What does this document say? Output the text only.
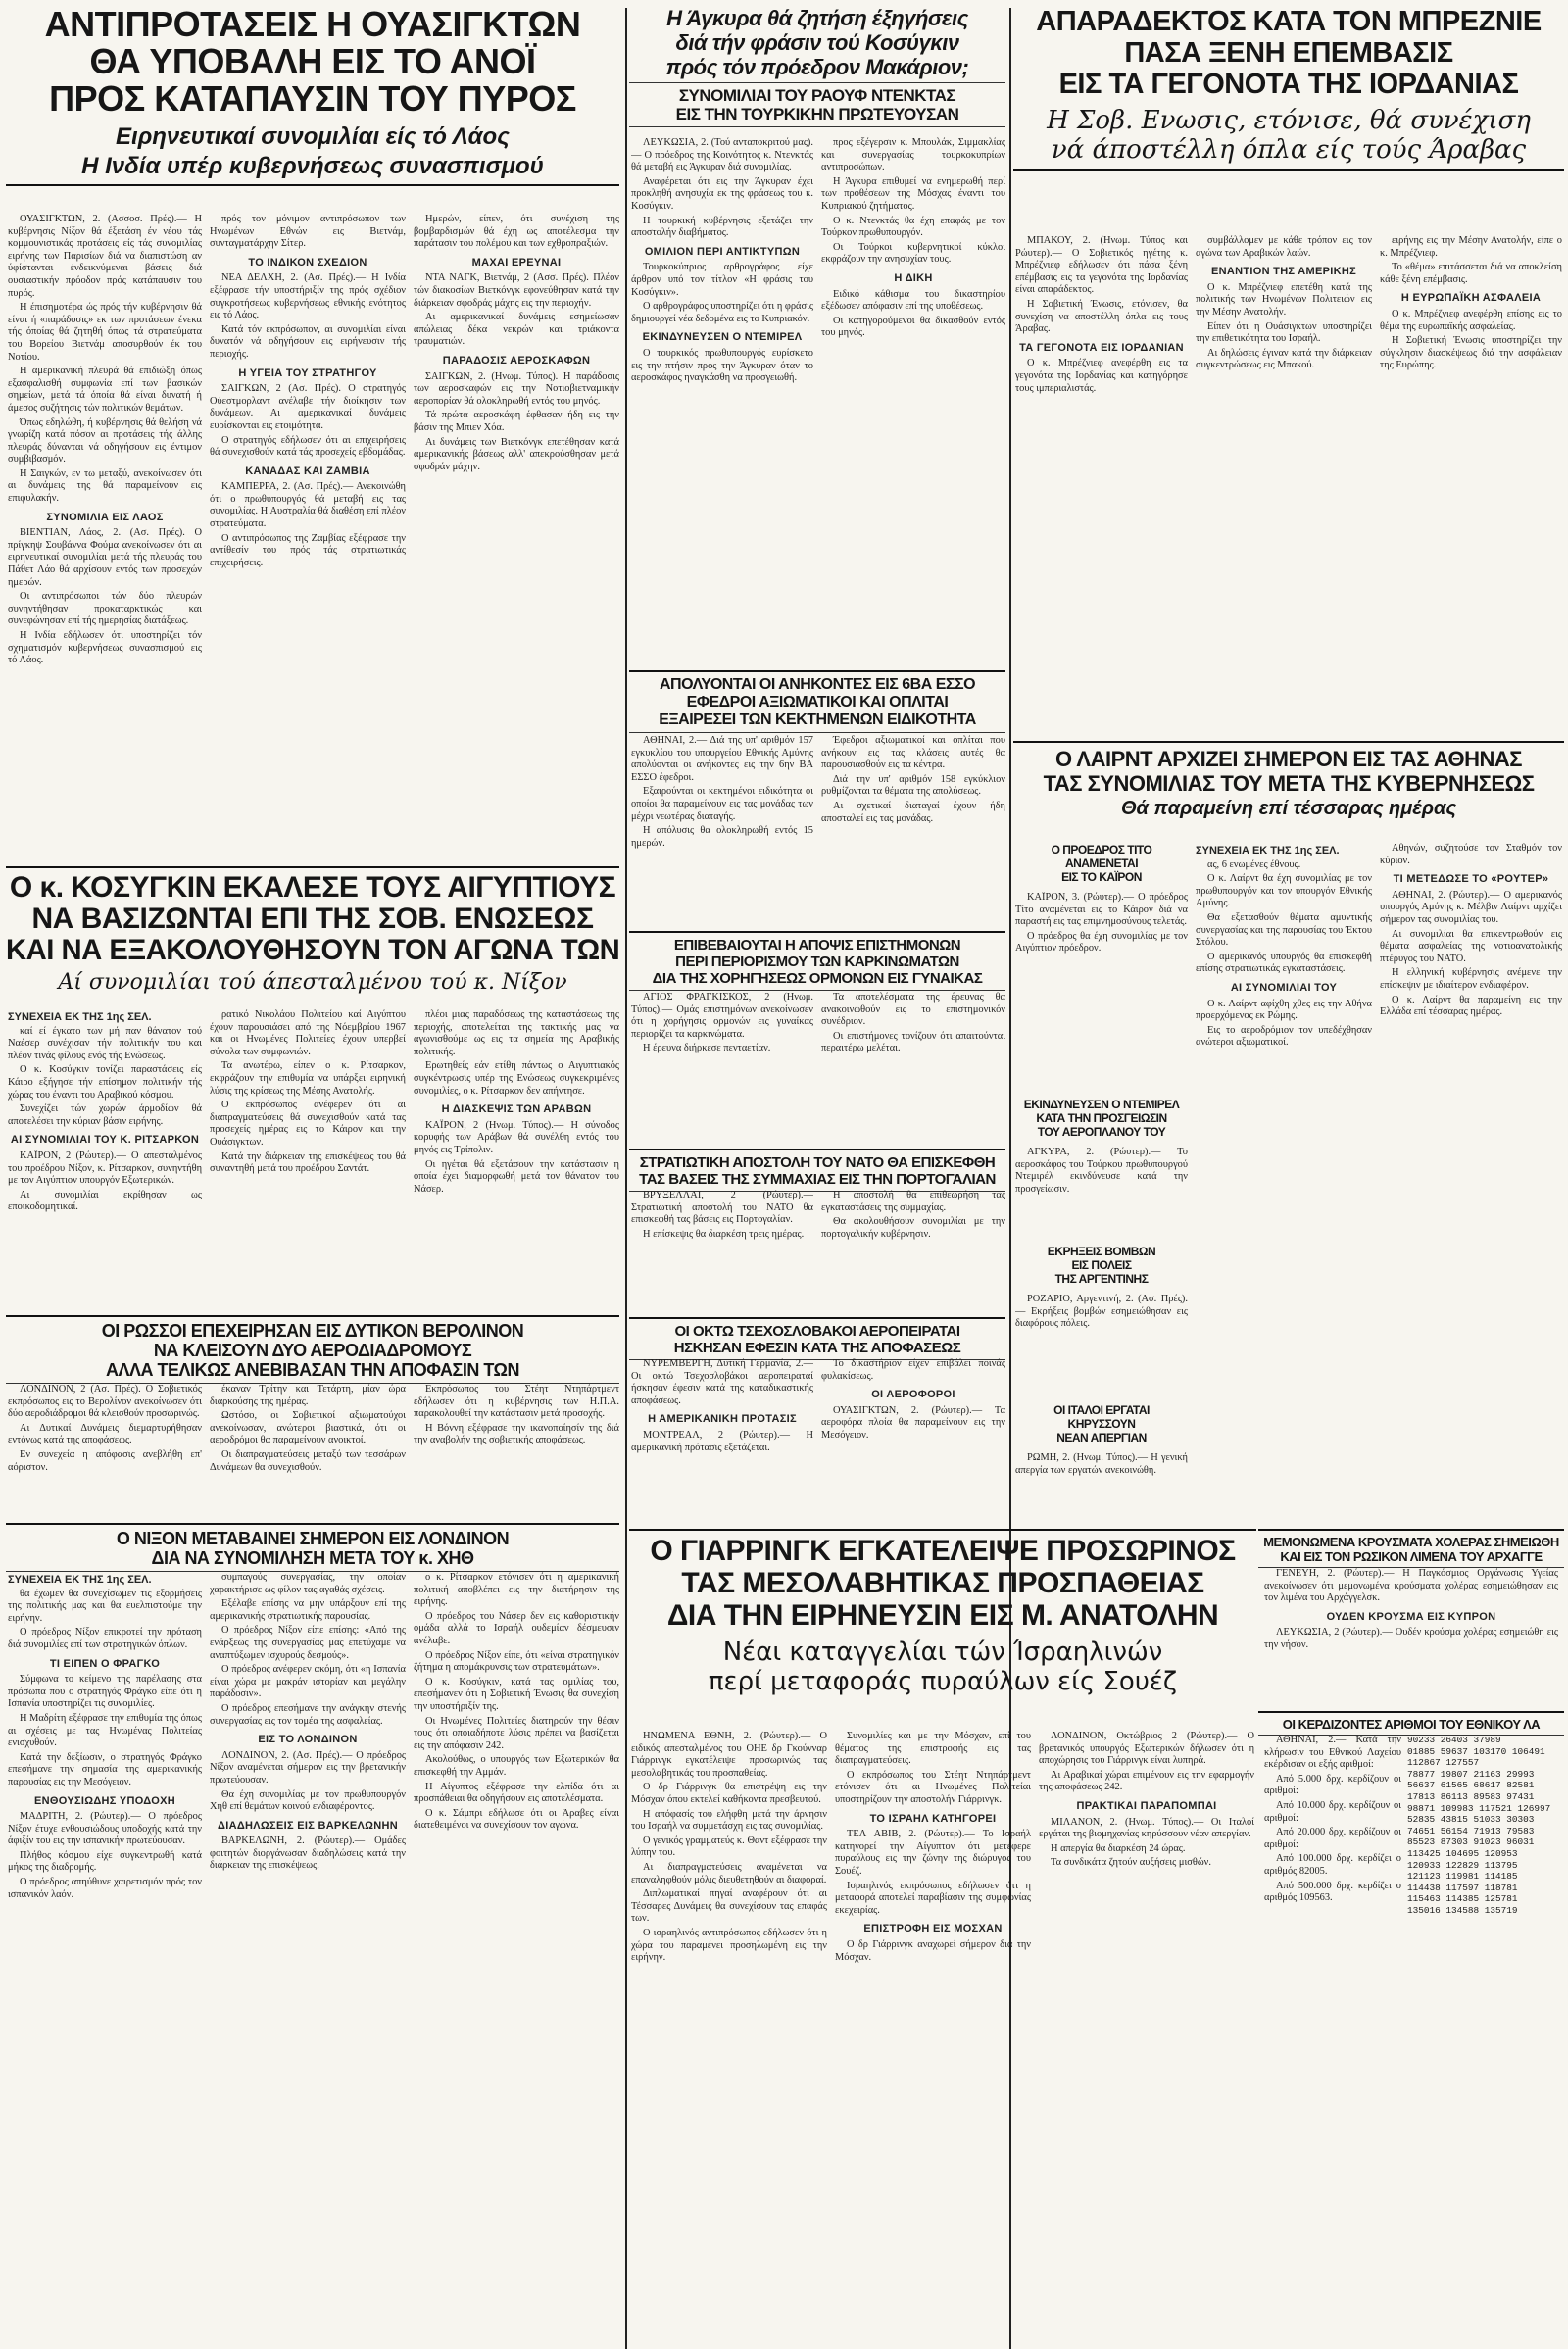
ΑΝΤΙΠΡΟΤΑΣΕΙΣ Η ΟΥΑΣΙΓΚΤΩΝ
ΘΑ ΥΠΟΒΑΛΗ ΕΙΣ ΤΟ ΑΝΟΪ
ΠΡΟΣ ΚΑΤΑΠΑΥΣΙΝ ΤΟΥ ΠΥΡΟΣ
Ειρηνευτικαί συνομιλίαι είς τό Λάος
Η Ινδία υπέρ κυβερνήσεως συνασπισμού

ΟΥΑΣΙΓΚΤΩΝ, 2. (Ασσοσ. Πρές).— Η κυβέρνησις Νίξον θά έξετάση έν νέου τάς κομμουνιστικάς προτάσεις είς τάς συνομιλίας ειρήνης των Παρισίων διά να διαπιστώση αν ύφίστανται ένδεικνύμεναι βάσεις διά ουσιαστικήν πρόοδον πρός κατάπαυσιν του πυρός.

Η έπισημοτέρα ώς πρός τήν κυβέρνησιν θά είναι ή «παράδοσις» εκ των προτάσεων ένεκα τής όποίας θά ζητηθή όπως τά στρατεύματα του Βορείου Βιετνάμ αποσυρθούν έκ του Νοτίου.

Η αμερικανική πλευρά θά επιδιώξη όπως εξασφαλισθή συμφωνία επί των βασικών σημείων, μετά τά όποία θά είναι δυνατή ή άμεσος συζήτησις τών πολιτικών θεμάτων.

Όπως εδηλώθη, ή κυβέρνησις θά θελήση νά γνωρίζη κατά πόσον αι προτάσεις τής άλλης πλευράς δύνανται νά οδηγήσουν εις έντιμον συμβιβασμόν.

Η Σαιγκών, εν τω μεταξύ, ανεκοίνωσεν ότι αι δυνάμεις της θά παραμείνουν εις επιφυλακήν.

ΣΥΝΟΜΙΛΙΑ ΕΙΣ ΛΑΟΣ

ΒΙΕΝΤΙΑΝ, Λάος, 2. (Ασ. Πρές). Ο πρίγκηψ Σουβάννα Φούμα ανεκοίνωσεν ότι αι ειρηνευτικαί συνομιλίαι μετά τής πλευράς του Πάθετ Λάο θά αρχίσουν εντός των προσεχών ημερών.

Οι αντιπρόσωποι τών δύο πλευρών συνηντήθησαν προκαταρκτικώς και συνεφώνησαν επί τής ημερησίας διατάξεως.

Η Ινδία εδήλωσεν ότι υποστηρίζει τόν σχηματισμόν κυβερνήσεως συνασπισμού εις τό Λάος.

πρός τον μόνιμον αντιπρόσωπον των Ηνωμένων Εθνών εις Βιετνάμ, συνταγματάρχην Σίτερ.

ΤΟ ΙΝΔΙΚΟΝ ΣΧΕΔΙΟΝ

ΝΕΑ ΔΕΛΧΗ, 2. (Ασ. Πρές).— Η Ινδία εξέφρασε τήν υποστήριξίν της πρός σχέδιον συγκροτήσεως κυβερνήσεως εθνικής ενότητος εις τό Λάος.

Κατά τόν εκπρόσωπον, αι συνομιλίαι είναι δυνατόν νά οδηγήσουν εις ειρήνευσιν τής περιοχής.

Η ΥΓΕΙΑ ΤΟΥ ΣΤΡΑΤΗΓΟΥ

ΣΑΙΓΚΩΝ, 2 (Ασ. Πρές). Ο στρατηγός Ούεστμορλαντ ανέλαβε τήν διοίκησιν των δυνάμεων. Αι αμερικανικαί δυνάμεις ευρίσκονται εις ετοιμότητα.

Ο στρατηγός εδήλωσεν ότι αι επιχειρήσεις θά συνεχισθούν κατά τάς προσεχείς εβδομάδας.

ΚΑΝΑΔΑΣ ΚΑΙ ΖΑΜΒΙΑ

ΚΑΜΠΕΡΡΑ, 2. (Ασ. Πρές).— Ανεκοινώθη ότι ο πρωθυπουργός θά μεταβή εις τας συνομιλίας. Η Αυστραλία θά διαθέση επί πλέον στρατεύματα.

Ο αντιπρόσωπος της Ζαμβίας εξέφρασε την αντίθεσίν του πρός τάς στρατιωτικάς επιχειρήσεις.

Ημερών, είπεν, ότι συνέχιση της βομβαρδισμών θά έχη ως αποτέλεσμα την παράτασιν του πολέμου και των εχθροπραξιών.

ΜΑΧΑΙ ΕΡΕΥΝΑΙ

ΝΤΑ ΝΑΓΚ, Βιετνάμ, 2 (Ασσ. Πρές). Πλέον τών διακοσίων Βιετκόνγκ εφονεύθησαν κατά την διάρκειαν σφοδράς μάχης εις την περιοχήν.

Αι αμερικανικαί δυνάμεις εσημείωσαν απώλειας δέκα νεκρών και τριάκοντα τραυματιών.

ΠΑΡΑΔΟΣΙΣ ΑΕΡΟΣΚΑΦΩΝ

ΣΑΙΓΚΩΝ, 2. (Ηνωμ. Τύπος). Η παράδοσις των αεροσκαφών εις την Νοτιοβιετναμικήν αεροπορίαν θά ολοκληρωθή εντός του μηνός.

Τά πρώτα αεροσκάφη έφθασαν ήδη εις την βάσιν της Μπιεν Χόα.

Αι δυνάμεις των Βιετκόνγκ επετέθησαν κατά αμερικανικής βάσεως αλλ' απεκρούσθησαν μετά σφοδράν μάχην.

Ο κ. ΚΟΣΥΓΚΙΝ ΕΚΑΛΕΣΕ ΤΟΥΣ ΑΙΓΥΠΤΙΟΥΣ
ΝΑ ΒΑΣΙΖΩΝΤΑΙ ΕΠΙ ΤΗΣ ΣΟΒ. ΕΝΩΣΕΩΣ
ΚΑΙ ΝΑ ΕΞΑΚΟΛΟΥΘΗΣΟΥΝ ΤΟΝ ΑΓΩΝΑ ΤΩΝ
Αί συνομιλίαι τού άπεσταλμένου τού κ. Νίξον
ΣΥΝΕΧΕΙΑ ΕΚ ΤΗΣ 1ης ΣΕΛ.

καί εί έγκατο των μή παν θάνατον τού Ναέσερ συνέχισαν τήν πολιτικήν του και πλέον τινάς φίλους ενός τής Ενώσεως.

Ο κ. Κοσύγκιν τονίζει παραστάσεις είς Κάιρο εξήγησε τήν επίσημον πολιτικήν τής χώρας του έναντι του Αραβικού κόσμου.

Συνεχίζει τών χωρών άρμοδίων θά αποτελέσει την κύριαν βάσιν ειρήνης.

ΑΙ ΣΥΝΟΜΙΛΙΑΙ ΤΟΥ Κ. ΡΙΤΣΑΡΚΟΝ

ΚΑΪΡΟΝ, 2 (Ρώυτερ).— Ο απεσταλμένος του προέδρου Νίξον, κ. Ρίτσαρκον, συνηντήθη με τον Αιγύπτιον υπουργόν Εξωτερικών.

Αι συνομιλίαι εκρίθησαν ως εποικοδομητικαί.

ρατικό Νικολάου Πολιτείου καί Αιγύπτου έχουν παρουσιάσει από της Νόεμβρίου 1967 και οι Ηνωμένες Πολιτείες έχουν υπερβεί σύνολα των συμφωνιών.

Τα ανωτέρω, είπεν ο κ. Ρίτσαρκον, εκφράζουν την επιθυμία να υπάρξει ειρηνική λύσις της κρίσεως της Μέσης Ανατολής.

Ο εκπρόσωπος ανέφερεν ότι αι διαπραγματεύσεις θά συνεχισθούν κατά τας προσεχείς ημέρας εις το Κάιρον και την Ουάσιγκτων.

Κατά την διάρκειαν της επισκέψεως του θά συναντηθή μετά του προέδρου Σαντάτ.

πλέοι μιας παραδόσεως της καταστάσεως της περιοχής, αποτελείται της τακτικής μας να αγωνισθούμε ως εις τα σημεία της Αραβικής πολιτικής.

Ερωτηθείς εάν ετίθη πάντως ο Αιγυπτιακός συγκέντρωσις υπέρ της Ενώσεως συγκεκριμένες συνομιλίες, ο κ. Ρίτσαρκον δεν απήντησε.

Η ΔΙΑΣΚΕΨΙΣ ΤΩΝ ΑΡΑΒΩΝ

ΚΑΪΡΟΝ, 2 (Ηνωμ. Τύπος).— Η σύνοδος κορυφής των Αράβων θά συνέλθη εντός του μηνός εις Τρίπολιν.

Οι ηγέται θά εξετάσουν την κατάστασιν η οποία έχει διαμορφωθή μετά τον θάνατον του Νάσερ.

ΟΙ ΡΩΣΣΟΙ ΕΠΕΧΕΙΡΗΣΑΝ ΕΙΣ ΔΥΤΙΚΟΝ ΒΕΡΟΛΙΝΟΝ
ΝΑ ΚΛΕΙΣΟΥΝ ΔΥΟ ΑΕΡΟΔΙΑΔΡΟΜΟΥΣ
ΑΛΛΑ ΤΕΛΙΚΩΣ ΑΝΕΒΙΒΑΣΑΝ ΤΗΝ ΑΠΟΦΑΣΙΝ ΤΩΝ

ΛΟΝΔΙΝΟΝ, 2 (Ασ. Πρές). Ο Σοβιετικός εκπρόσωπος εις το Βερολίνον ανεκοίνωσεν ότι δύο αεροδιάδρομοι θά κλεισθούν προσωρινώς.

Αι Δυτικαί Δυνάμεις διεμαρτυρήθησαν εντόνως κατά της αποφάσεως.

Εν συνεχεία η απόφασις ανεβλήθη επ' αόριστον.

έκαναν Τρίτην και Τετάρτη, μίαν ώρα διαρκούσης της ημέρας.

Ωστόσο, οι Σοβιετικοί αξιωματούχοι ανεκοίνωσαν, ανώτεροι βιαστικά, ότι οι αεροδρόμοι θα παραμείνουν ανοικτοί.

Οι διαπραγματεύσεις μεταξύ των τεσσάρων Δυνάμεων θα συνεχισθούν.

Εκπρόσωπος του Στέητ Ντηπάρτμεντ εδήλωσεν ότι η κυβέρνησις των Η.Π.Α. παρακολουθεί την κατάστασιν μετά προσοχής.

Η Βόννη εξέφρασε την ικανοποίησίν της διά την αναβολήν της σοβιετικής αποφάσεως.

Ο ΝΙΞΟΝ ΜΕΤΑΒΑΙΝΕΙ ΣΗΜΕΡΟΝ ΕΙΣ ΛΟΝΔΙΝΟΝ
ΔΙΑ ΝΑ ΣΥΝΟΜΙΛΗΣΗ ΜΕΤΑ ΤΟΥ κ. ΧΗΘ
ΣΥΝΕΧΕΙΑ ΕΚ ΤΗΣ 1ης ΣΕΛ.

θα έχωμεν θα συνεχίσωμεν τις εξορμήσεις της πολιτικής μας και θα ευελπιστούμε την ειρήνην.

Ο πρόεδρος Νίξον επικροτεί την πρόταση διά συνομιλίες επί των στρατηγικών όπλων.

ΤΙ ΕΙΠΕΝ Ο ΦΡΑΓΚΟ

Σύμφωνα το κείμενο της παρέλασης στα πρόσωπα που ο στρατηγός Φράγκο είπε ότι η Ισπανία υποστηρίζει τις συνομιλίες.

Η Μαδρίτη εξέφρασε την επιθυμία της όπως αι σχέσεις με τας Ηνωμένας Πολιτείας ενισχυθούν.

Κατά την δεξίωσιν, ο στρατηγός Φράγκο επεσήμανε την σημασία της αμερικανικής παρουσίας εις την Μεσόγειον.

ΕΝΘΟΥΣΙΩΔΗΣ ΥΠΟΔΟΧΗ

ΜΑΔΡΙΤΗ, 2. (Ρώυτερ).— Ο πρόεδρος Νίξον έτυχε ενθουσιώδους υποδοχής κατά την άφιξίν του εις την ισπανικήν πρωτεύουσαν.

Πλήθος κόσμου είχε συγκεντρωθή κατά μήκος της διαδρομής.

Ο πρόεδρος απηύθυνε χαιρετισμόν πρός τον ισπανικόν λαόν.

συμπαγούς συνεργασίας, την οποίαν χαρακτήρισε ως φίλον τας αγαθάς σχέσεις.

Εξέλαβε επίσης να μην υπάρξουν επί της αμερικανικής στρατιωτικής παρουσίας.

Ο πρόεδρος Νίξον είπε επίσης: «Από της ενάρξεως της συνεργασίας μας επετύχαμε να αναπτύξωμεν ισχυρούς δεσμούς».

Ο πρόεδρος ανέφερεν ακόμη, ότι «η Ισπανία είναι χώρα με μακράν ιστορίαν και μεγάλην παράδοσιν».

Ο πρόεδρος επεσήμανε την ανάγκην στενής συνεργασίας εις τον τομέα της ασφαλείας.

ΕΙΣ ΤΟ ΛΟΝΔΙΝΟΝ

ΛΟΝΔΙΝΟΝ, 2. (Ασ. Πρές).— Ο πρόεδρος Νίξον αναμένεται σήμερον εις την βρετανικήν πρωτεύουσαν.

Θα έχη συνομιλίας με τον πρωθυπουργόν Χηθ επί θεμάτων κοινού ενδιαφέροντος.

ΔΙΑΔΗΛΩΣΕΙΣ ΕΙΣ ΒΑΡΚΕΛΩΝΗΝ

ΒΑΡΚΕΛΩΝΗ, 2. (Ρώυτερ).— Ομάδες φοιτητών διοργάνωσαν διαδηλώσεις κατά την διάρκειαν της επισκέψεως.

ο κ. Ρίτσαρκον ετόνισεν ότι η αμερικανική πολιτική αποβλέπει εις την διατήρησιν της ειρήνης.

Ο πρόεδρος του Νάσερ δεν εις καθοριστικήν ομάδα αλλά το Ισραήλ ουδεμίαν δέσμευσιν ανέλαβε.

Ο πρόεδρος Νίξον είπε, ότι «είναι στρατηγικόν ζήτημα η απομάκρυνσις των στρατευμάτων».

Ο κ. Κοσύγκιν, κατά τας ομιλίας του, επεσήμανεν ότι η Σοβιετική Ένωσις θα συνεχίση την υποστήριξίν της.

Οι Ηνωμένες Πολιτείες διατηρούν την θέσιν τους ότι οποιαδήποτε λύσις πρέπει να βασίζεται εις την απόφασιν 242.

Ακολούθως, ο υπουργός των Εξωτερικών θα επισκεφθή την Αμμάν.

Η Αίγυπτος εξέφρασε την ελπίδα ότι αι προσπάθειαι θα οδηγήσουν εις αποτελέσματα.

Ο κ. Σάμπρι εδήλωσε ότι οι Άραβες είναι διατεθειμένοι να συνεχίσουν τον αγώνα.

Η Άγκυρα θά ζητήση έξηγήσεις
διά τήν φράσιν τού Κοσύγκιν
πρός τόν πρόεδρον Μακάριον;
ΣΥΝΟΜΙΛΙΑΙ ΤΟΥ ΡΑΟΥΦ ΝΤΕΝΚΤΑΣ
ΕΙΣ ΤΗΝ ΤΟΥΡΚΙΚΗΝ ΠΡΩΤΕΥΟΥΣΑΝ

ΛΕΥΚΩΣΙΑ, 2. (Τού ανταποκριτού μας).— Ο πρόεδρος της Κοινότητος κ. Ντενκτάς θά μεταβή εις Άγκυραν διά συνομιλίας.

Αναφέρεται ότι εις την Άγκυραν έχει προκληθή ανησυχία εκ της φράσεως του κ. Κοσύγκιν.

Η τουρκική κυβέρνησις εξετάζει την αποστολήν διαβήματος.

ΟΜΙΛΙΟΝ ΠΕΡΙ ΑΝΤΙΚΤΥΠΩΝ

Τουρκοκύπριος αρθρογράφος είχε άρθρον υπό τον τίτλον «Η φράσις του Κοσύγκιν».

Ο αρθρογράφος υποστηρίζει ότι η φράσις δημιουργεί νέα δεδομένα εις το Κυπριακόν.

ΕΚΙΝΔΥΝΕΥΣΕΝ Ο ΝΤΕΜΙΡΕΛ

Ο τουρκικός πρωθυπουργός ευρίσκετο εις την πτήσιν προς την Άγκυραν όταν το αεροσκάφος ηναγκάσθη να προσγειωθή.

προς εξέγερσιν κ. Μπουλάκ, Σιμμακλίας και συνεργασίας τουρκοκυπρίων αντιπροσώπων.

Η Άγκυρα επιθυμεί να ενημερωθή περί των προθέσεων της Μόσχας έναντι του Κυπριακού ζητήματος.

Ο κ. Ντενκτάς θα έχη επαφάς με τον Τούρκον πρωθυπουργόν.

Οι Τούρκοι κυβερνητικοί κύκλοι εκφράζουν την ανησυχίαν τους.

Η ΔΙΚΗ

Ειδικό κάθισμα του δικαστηρίου εξέδωσεν απόφασιν επί της υποθέσεως.

Οι κατηγορούμενοι θα δικασθούν εντός του μηνός.

ΑΠΟΛΥΟΝΤΑΙ ΟΙ ΑΝΗΚΟΝΤΕΣ ΕΙΣ 6ΒΑ ΕΣΣΟ
ΕΦΕΔΡΟΙ ΑΞΙΩΜΑΤΙΚΟΙ ΚΑΙ ΟΠΛΙΤΑΙ
ΕΞΑΙΡΕΣΕΙ ΤΩΝ ΚΕΚΤΗΜΕΝΩΝ ΕΙΔΙΚΟΤΗΤΑ

ΑΘΗΝΑΙ, 2.— Διά της υπ' αριθμόν 157 εγκυκλίου του υπουργείου Εθνικής Αμύνης απολύονται οι ανήκοντες εις την 6ην ΒΑ ΕΣΣΟ έφεδροι.

Εξαιρούνται οι κεκτημένοι ειδικότητα οι οποίοι θα παραμείνουν εις τας μονάδας των μέχρι νεωτέρας διαταγής.

Η απόλυσις θα ολοκληρωθή εντός 15 ημερών.

Έφεδροι αξιωματικοί και οπλίται που ανήκουν εις τας κλάσεις αυτές θα παρουσιασθούν εις τα κέντρα.

Διά την υπ' αριθμόν 158 εγκύκλιον ρυθμίζονται τα θέματα της απολύσεως.

Αι σχετικαί διαταγαί έχουν ήδη αποσταλεί εις τας μονάδας.

ΕΠΙΒΕΒΑΙΟΥΤΑΙ Η ΑΠΟΨΙΣ ΕΠΙΣΤΗΜΟΝΩΝ
ΠΕΡΙ ΠΕΡΙΟΡΙΣΜΟΥ ΤΩΝ ΚΑΡΚΙΝΩΜΑΤΩΝ
ΔΙΑ ΤΗΣ ΧΟΡΗΓΗΣΕΩΣ ΟΡΜΟΝΩΝ ΕΙΣ ΓΥΝΑΙΚΑΣ

ΑΓΙΟΣ ΦΡΑΓΚΙΣΚΟΣ, 2 (Ηνωμ. Τύπος).— Ομάς επιστημόνων ανεκοίνωσεν ότι η χορήγησις ορμονών εις γυναίκας περιορίζει τα καρκινώματα.

Η έρευνα διήρκεσε πενταετίαν.

Τα αποτελέσματα της έρευνας θα ανακοινωθούν εις το επιστημονικόν συνέδριον.

Οι επιστήμονες τονίζουν ότι απαιτούνται περαιτέρω μελέται.

ΣΤΡΑΤΙΩΤΙΚΗ ΑΠΟΣΤΟΛΗ ΤΟΥ ΝΑΤΟ ΘΑ ΕΠΙΣΚΕΦΘΗ
ΤΑΣ ΒΑΣΕΙΣ ΤΗΣ ΣΥΜΜΑΧΙΑΣ ΕΙΣ ΤΗΝ ΠΟΡΤΟΓΑΛΙΑΝ

ΒΡΥΞΕΛΛΑΙ, 2 (Ρώυτερ).— Στρατιωτική αποστολή του ΝΑΤΟ θα επισκεφθή τας βάσεις εις Πορτογαλίαν.

Η επίσκεψις θα διαρκέση τρεις ημέρας.

Η αποστολή θα επιθεωρήση τας εγκαταστάσεις της συμμαχίας.

Θα ακολουθήσουν συνομιλίαι με την πορτογαλικήν κυβέρνησιν.

ΟΙ ΟΚΤΩ ΤΣΕΧΟΣΛΟΒΑΚΟΙ ΑΕΡΟΠΕΙΡΑΤΑΙ
ΗΣΚΗΣΑΝ ΕΦΕΣΙΝ ΚΑΤΑ ΤΗΣ ΑΠΟΦΑΣΕΩΣ

ΝΥΡΕΜΒΕΡΓΗ, Δυτική Γερμανία, 2.— Οι οκτώ Τσεχοσλοβάκοι αεροπειραταί ήσκησαν έφεσιν κατά της καταδικαστικής αποφάσεως.

Η ΑΜΕΡΙΚΑΝΙΚΗ ΠΡΟΤΑΣΙΣ

ΜΟΝΤΡΕΑΛ, 2 (Ρώυτερ).— Η αμερικανική πρότασις εξετάζεται.

Το δικαστήριον είχεν επιβάλει ποινάς φυλακίσεως.

ΟΙ ΑΕΡΟΦΟΡΟΙ

ΟΥΑΣΙΓΚΤΩΝ, 2. (Ρώυτερ).— Τα αεροφόρα πλοία θα παραμείνουν εις την Μεσόγειον.

Ο ΓΙΑΡΡΙΝΓΚ ΕΓΚΑΤΕΛΕΙΨΕ ΠΡΟΣΩΡΙΝΟΣ
ΤΑΣ ΜΕΣΟΛΑΒΗΤΙΚΑΣ ΠΡΟΣΠΑΘΕΙΑΣ
ΔΙΑ ΤΗΝ ΕΙΡΗΝΕΥΣΙΝ ΕΙΣ Μ. ΑΝΑΤΟΛΗΝ
Νέαι καταγγελίαι τών Ίσραηλινών
περί μεταφοράς πυραύλων είς Σουέζ

ΗΝΩΜΕΝΑ ΕΘΝΗ, 2. (Ρώυτερ).— Ο ειδικός απεσταλμένος του ΟΗΕ δρ Γκούνναρ Γιάρρινγκ εγκατέλειψε προσωρινώς τας μεσολαβητικάς του προσπαθείας.

Ο δρ Γιάρρινγκ θα επιστρέψη εις την Μόσχαν όπου εκτελεί καθήκοντα πρεσβευτού.

Η απόφασίς του ελήφθη μετά την άρνησιν του Ισραήλ να συμμετάσχη εις τας συνομιλίας.

Ο γενικός γραμματεύς κ. Θαντ εξέφρασε την λύπην του.

Αι διαπραγματεύσεις αναμένεται να επαναληφθούν μόλις διευθετηθούν αι διαφοραί.

Διπλωματικαί πηγαί αναφέρουν ότι αι Τέσσαρες Δυνάμεις θα συνεχίσουν τας επαφάς των.

Ο ισραηλινός αντιπρόσωπος εδήλωσεν ότι η χώρα του παραμένει προσηλωμένη εις την ειρήνην.

Συνομιλίες και με την Μόσχαν, επί του θέματος της επιστροφής εις τας διαπραγματεύσεις.

Ο εκπρόσωπος του Στέητ Ντηπάρτμεντ ετόνισεν ότι αι Ηνωμένες Πολιτείαι υποστηρίζουν την αποστολήν Γιάρρινγκ.

ΤΟ ΙΣΡΑΗΛ ΚΑΤΗΓΟΡΕΙ

ΤΕΛ ΑΒΙΒ, 2. (Ρώυτερ).— Το Ισραήλ κατηγορεί την Αίγυπτον ότι μετέφερε πυραύλους εις την ζώνην της διώρυγος του Σουέζ.

Ισραηλινός εκπρόσωπος εδήλωσεν ότι η μεταφορά αποτελεί παραβίασιν της συμφωνίας εκεχειρίας.

ΕΠΙΣΤΡΟΦΗ ΕΙΣ ΜΟΣΧΑΝ

Ο δρ Γιάρρινγκ αναχωρεί σήμερον διά την Μόσχαν.

ΛΟΝΔΙΝΟΝ, Οκτώβριος 2 (Ρώυτερ).— Ο βρετανικός υπουργός Εξωτερικών δήλωσεν ότι η αποχώρησις του Γιάρρινγκ είναι λυπηρά.

Αι Αραβικαί χώραι επιμένουν εις την εφαρμογήν της αποφάσεως 242.

ΠΡΑΚΤΙΚΑΙ ΠΑΡΑΠΟΜΠΑΙ

ΜΙΛΑΝΟΝ, 2. (Ηνωμ. Τύπος).— Οι Ιταλοί εργάται της βιομηχανίας κηρύσσουν νέαν απεργίαν.

Η απεργία θα διαρκέση 24 ώρας.

Τα συνδικάτα ζητούν αυξήσεις μισθών.

ΑΠΑΡΑΔΕΚΤΟΣ ΚΑΤΑ ΤΟΝ ΜΠΡΕΖΝΙΕ
ΠΑΣΑ ΞΕΝΗ ΕΠΕΜΒΑΣΙΣ
ΕΙΣ ΤΑ ΓΕΓΟΝΟΤΑ ΤΗΣ ΙΟΡΔΑΝΙΑΣ
Η Σοβ. Ενωσις, ετόνισε, θά συνέχιση
νά άποστέλλη όπλα είς τούς Άραβας

ΜΠΑΚΟΥ, 2. (Ηνωμ. Τύπος και Ρώυτερ).— Ο Σοβιετικός ηγέτης κ. Μπρέζνιεφ εδήλωσεν ότι πάσα ξένη επέμβασις εις τα γεγονότα της Ιορδανίας είναι απαράδεκτος.

Η Σοβιετική Ένωσις, ετόνισεν, θα συνεχίση να αποστέλλη όπλα εις τους Άραβας.

ΤΑ ΓΕΓΟΝΟΤΑ ΕΙΣ ΙΟΡΔΑΝΙΑΝ

Ο κ. Μπρέζνιεφ ανεφέρθη εις τα γεγονότα της Ιορδανίας και κατηγόρησε τους ιμπεριαλιστάς.

συμβάλλομεν με κάθε τρόπον εις τον αγώνα των Αραβικών λαών.

ΕΝΑΝΤΙΟΝ ΤΗΣ ΑΜΕΡΙΚΗΣ

Ο κ. Μπρέζνιεφ επετέθη κατά της πολιτικής των Ηνωμένων Πολιτειών εις την Μέσην Ανατολήν.

Είπεν ότι η Ουάσιγκτων υποστηρίζει την επιθετικότητα του Ισραήλ.

Αι δηλώσεις έγιναν κατά την διάρκειαν συγκεντρώσεως εις Μπακού.

ειρήνης εις την Μέσην Ανατολήν, είπε ο κ. Μπρέζνιεφ.

Το «θέμα» επιτάσσεται διά να αποκλείση κάθε ξένη επέμβασις.

Η ΕΥΡΩΠΑΪΚΗ ΑΣΦΑΛΕΙΑ

Ο κ. Μπρέζνιεφ ανεφέρθη επίσης εις το θέμα της ευρωπαϊκής ασφαλείας.

Η Σοβιετική Ένωσις υποστηρίζει την σύγκλησιν διασκέψεως διά την ασφάλειαν της Ευρώπης.

Ο ΛΑΙΡΝΤ ΑΡΧΙΖΕΙ ΣΗΜΕΡΟΝ ΕΙΣ ΤΑΣ ΑΘΗΝΑΣ
ΤΑΣ ΣΥΝΟΜΙΛΙΑΣ ΤΟΥ ΜΕΤΑ ΤΗΣ ΚΥΒΕΡΝΗΣΕΩΣ
Θά παραμείνη επί τέσσαρας ημέρας
Ο ΠΡΟΕΔΡΟΣ ΤΙΤΟ
ΑΝΑΜΕΝΕΤΑΙ
ΕΙΣ ΤΟ ΚΑΪΡΟΝ

ΚΑΪΡΟΝ, 3. (Ρώυτερ).— Ο πρόεδρος Τίτο αναμένεται εις το Κάιρον διά να παραστή εις τας επιμνημοσύνους τελετάς.

Ο πρόεδρος θα έχη συνομιλίας με τον Αιγύπτιον πρόεδρον.

ΕΚΙΝΔΥΝΕΥΣΕΝ Ο ΝΤΕΜΙΡΕΛ
ΚΑΤΑ ΤΗΝ ΠΡΟΣΓΕΙΩΣΙΝ
ΤΟΥ ΑΕΡΟΠΛΑΝΟΥ ΤΟΥ

ΑΓΚΥΡΑ, 2. (Ρώυτερ).— Το αεροσκάφος του Τούρκου πρωθυπουργού Ντεμιρέλ εκινδύνευσε κατά την προσγείωσιν.

ΕΚΡΗΞΕΙΣ ΒΟΜΒΩΝ
ΕΙΣ ΠΟΛΕΙΣ
ΤΗΣ ΑΡΓΕΝΤΙΝΗΣ

ΡΟΖΑΡΙΟ, Αργεντινή, 2. (Ασ. Πρές).— Εκρήξεις βομβών εσημειώθησαν εις διαφόρους πόλεις.

ΟΙ ΙΤΑΛΟΙ ΕΡΓΑΤΑΙ
ΚΗΡΥΣΣΟΥΝ
ΝΕΑΝ ΑΠΕΡΓΙΑΝ

ΡΩΜΗ, 2. (Ηνωμ. Τύπος).— Η γενική απεργία των εργατών ανεκοινώθη.

ΣΥΝΕΧΕΙΑ ΕΚ ΤΗΣ 1ης ΣΕΛ.

ας, 6 ενωμένες έθνους.

Ο κ. Λαίρντ θα έχη συνομιλίας με τον πρωθυπουργόν και τον υπουργόν Εθνικής Αμύνης.

Θα εξετασθούν θέματα αμυντικής συνεργασίας και της παρουσίας του Έκτου Στόλου.

Ο αμερικανός υπουργός θα επισκεφθή επίσης στρατιωτικάς εγκαταστάσεις.

ΑΙ ΣΥΝΟΜΙΛΙΑΙ ΤΟΥ

Ο κ. Λαίρντ αφίχθη χθες εις την Αθήνα προερχόμενος εκ Ρώμης.

Εις το αεροδρόμιον τον υπεδέχθησαν ανώτεροι αξιωματικοί.

Αθηνών, συζητούσε τον Σταθμόν τον κύριον.

ΤΙ ΜΕΤΕΔΩΣΕ ΤΟ «ΡΟΥΤΕΡ»

ΑΘΗΝΑΙ, 2. (Ρώυτερ).— Ο αμερικανός υπουργός Αμύνης κ. Μέλβιν Λαίρντ αρχίζει σήμερον τας συνομιλίας του.

Αι συνομιλίαι θα επικεντρωθούν εις θέματα ασφαλείας της νοτιοανατολικής πτέρυγος του ΝΑΤΟ.

Η ελληνική κυβέρνησις ανέμενε την επίσκεψιν με ιδιαίτερον ενδιαφέρον.

Ο κ. Λαίρντ θα παραμείνη εις την Ελλάδα επί τέσσαρας ημέρας.

ΜΕΜΟΝΩΜΕΝΑ ΚΡΟΥΣΜΑΤΑ ΧΟΛΕΡΑΣ ΣΗΜΕΙΩΘΗ
ΚΑΙ ΕΙΣ ΤΟΝ ΡΩΣΙΚΟΝ ΛΙΜΕΝΑ ΤΟΥ ΑΡΧΑΓΓΕ

ΓΕΝΕΥΗ, 2. (Ρώυτερ).— Η Παγκόσμιος Οργάνωσις Υγείας ανεκοίνωσεν ότι μεμονωμένα κρούσματα χολέρας εσημειώθησαν εις τον λιμένα του Αρχάγγελσκ.

ΟΥΔΕΝ ΚΡΟΥΣΜΑ ΕΙΣ ΚΥΠΡΟΝ

ΛΕΥΚΩΣΙΑ, 2 (Ρώυτερ).— Ουδέν κρούσμα χολέρας εσημειώθη εις την νήσον.

ΟΙ ΚΕΡΔΙΖΟΝΤΕΣ ΑΡΙΘΜΟΙ ΤΟΥ ΕΘΝΙΚΟΥ ΛΑ

ΑΘΗΝΑΙ, 2.— Κατά την κλήρωσιν του Εθνικού Λαχείου εκέρδισαν οι εξής αριθμοί:

Από 5.000 δρχ. κερδίζουν οι αριθμοί:

Από 10.000 δρχ. κερδίζουν οι αριθμοί:

Από 20.000 δρχ. κερδίζουν οι αριθμοί:

Από 100.000 δρχ. κερδίζει ο αριθμός 82005.

Από 500.000 δρχ. κερδίζει ο αριθμός 109563.

90233 26403 37989
01885 59637 103170 106491
112867 127557
78877 19807 21163 29993
56637 61565 68617 82581
17813 86113 89583 97431
98871 109983 117521 126997
52835 43815 51033 30303
74651 56154 71913 79583
85523 87303 91023 96031
113425 104695 120953
120933 122829 113795
121123 119981 114185
114438 117597 118781
115463 114385 125781
135016 134588 135719
